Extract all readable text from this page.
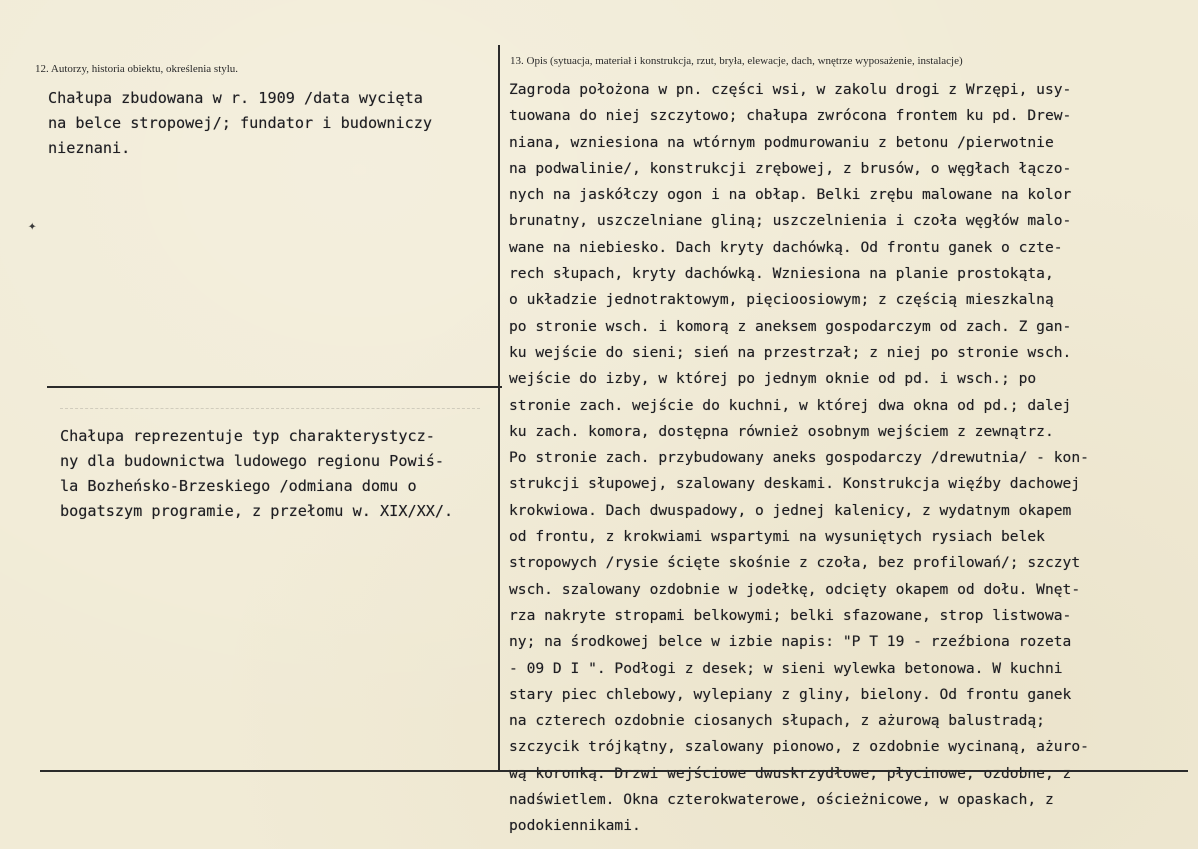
12. Autorzy, historia obiektu, określenia stylu.
13. Opis (sytuacja, materiał i konstrukcja, rzut, bryła, elewacje, dach, wnętrze wyposażenie, instalacje)
Chałupa zbudowana w r. 1909 /data wycięta
na belce stropowej/; fundator i budowniczy
nieznani.
Chałupa reprezentuje typ charakterystycz-
ny dla budownictwa ludowego regionu Powiś-
la Bozheńsko-Brzeskiego /odmiana domu o
bogatszym programie, z przełomu w. XIX/XX/.
Zagroda położona w pn. części wsi, w zakolu drogi z Wrzępi, usy-
tuowana do niej szczytowo; chałupa zwrócona frontem ku pd. Drew-
niana, wzniesiona na wtórnym podmurowaniu z betonu /pierwotnie
na podwalinie/, konstrukcji zrębowej, z brusów, o węgłach łączo-
nych na jaskółczy ogon i na obłap. Belki zrębu malowane na kolor
brunatny, uszczelniane gliną; uszczelnienia i czoła węgłów malo-
wane na niebiesko. Dach kryty dachówką. Od frontu ganek o czte-
rech słupach, kryty dachówką. Wzniesiona na planie prostokąta,
o układzie jednotraktowym, pięcioosiowym; z częścią mieszkalną
po stronie wsch. i komorą z aneksem gospodarczym od zach. Z gan-
ku wejście do sieni; sień na przestrzał; z niej po stronie wsch.
wejście do izby, w której po jednym oknie od pd. i wsch.; po
stronie zach. wejście do kuchni, w której dwa okna od pd.; dalej
ku zach. komora, dostępna również osobnym wejściem z zewnątrz.
Po stronie zach. przybudowany aneks gospodarczy /drewutnia/ - kon-
strukcji słupowej, szalowany deskami. Konstrukcja więźby dachowej
krokwiowa. Dach dwuspadowy, o jednej kalenicy, z wydatnym okapem
od frontu, z krokwiami wspartymi na wysuniętych rysiach belek
stropowych /rysie ścięte skośnie z czoła, bez profilowań/; szczyt
wsch. szalowany ozdobnie w jodełkę, odcięty okapem od dołu. Wnęt-
rza nakryte stropami belkowymi; belki sfazowane, strop listwowa-
ny; na środkowej belce w izbie napis: "P T 19 - rzeźbiona rozeta
- 09 D I ". Podłogi z desek; w sieni wylewka betonowa. W kuchni
stary piec chlebowy, wylepiany z gliny, bielony. Od frontu ganek
na czterech ozdobnie ciosanych słupach, z ażurową balustradą;
szczycik trójkątny, szalowany pionowo, z ozdobnie wycinaną, ażuro-
wą koronką. Drzwi wejściowe dwuskrzydłowe, płycinowe, ozdobne, z
nadświetlem. Okna czterokwaterowe, ościeżnicowe, w opaskach, z
podokiennikami.
✦
